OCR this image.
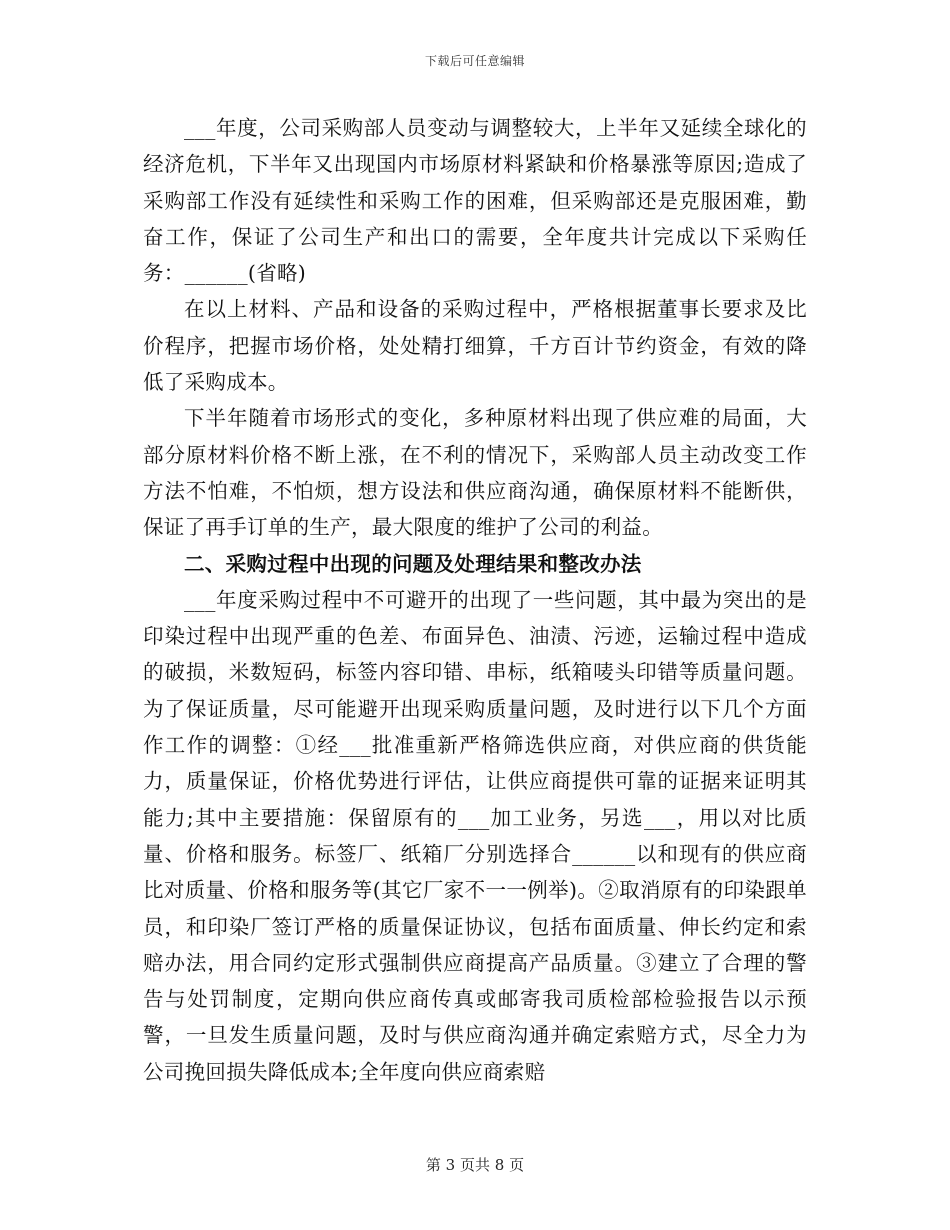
下载后可任意编辑

___年度，公司采购部人员变动与调整较大，上半年又延续全球化的经济危机，下半年又出现国内市场原材料紧缺和价格暴涨等原因;造成了采购部工作没有延续性和采购工作的困难，但采购部还是克服困难，勤奋工作，保证了公司生产和出口的需要，全年度共计完成以下采购任务：______(省略)

在以上材料、产品和设备的采购过程中，严格根据董事长要求及比价程序，把握市场价格，处处精打细算，千方百计节约资金，有效的降低了采购成本。

下半年随着市场形式的变化，多种原材料出现了供应难的局面，大部分原材料价格不断上涨，在不利的情况下，采购部人员主动改变工作方法不怕难，不怕烦，想方设法和供应商沟通，确保原材料不能断供，保证了再手订单的生产，最大限度的维护了公司的利益。

二、采购过程中出现的问题及处理结果和整改办法

___年度采购过程中不可避开的出现了一些问题，其中最为突出的是印染过程中出现严重的色差、布面异色、油渍、污迹，运输过程中造成的破损，米数短码，标签内容印错、串标，纸箱唛头印错等质量问题。为了保证质量，尽可能避开出现采购质量问题，及时进行以下几个方面作工作的调整：①经___批准重新严格筛选供应商，对供应商的供货能力，质量保证，价格优势进行评估，让供应商提供可靠的证据来证明其能力;其中主要措施：保留原有的___加工业务，另选___，用以对比质量、价格和服务。标签厂、纸箱厂分别选择合______以和现有的供应商比对质量、价格和服务等(其它厂家不一一例举)。②取消原有的印染跟单员，和印染厂签订严格的质量保证协议，包括布面质量、伸长约定和索赔办法，用合同约定形式强制供应商提高产品质量。③建立了合理的警告与处罚制度，定期向供应商传真或邮寄我司质检部检验报告以示预警，一旦发生质量问题，及时与供应商沟通并确定索赔方式，尽全力为公司挽回损失降低成本;全年度向供应商索赔

第 3 页共 8 页
